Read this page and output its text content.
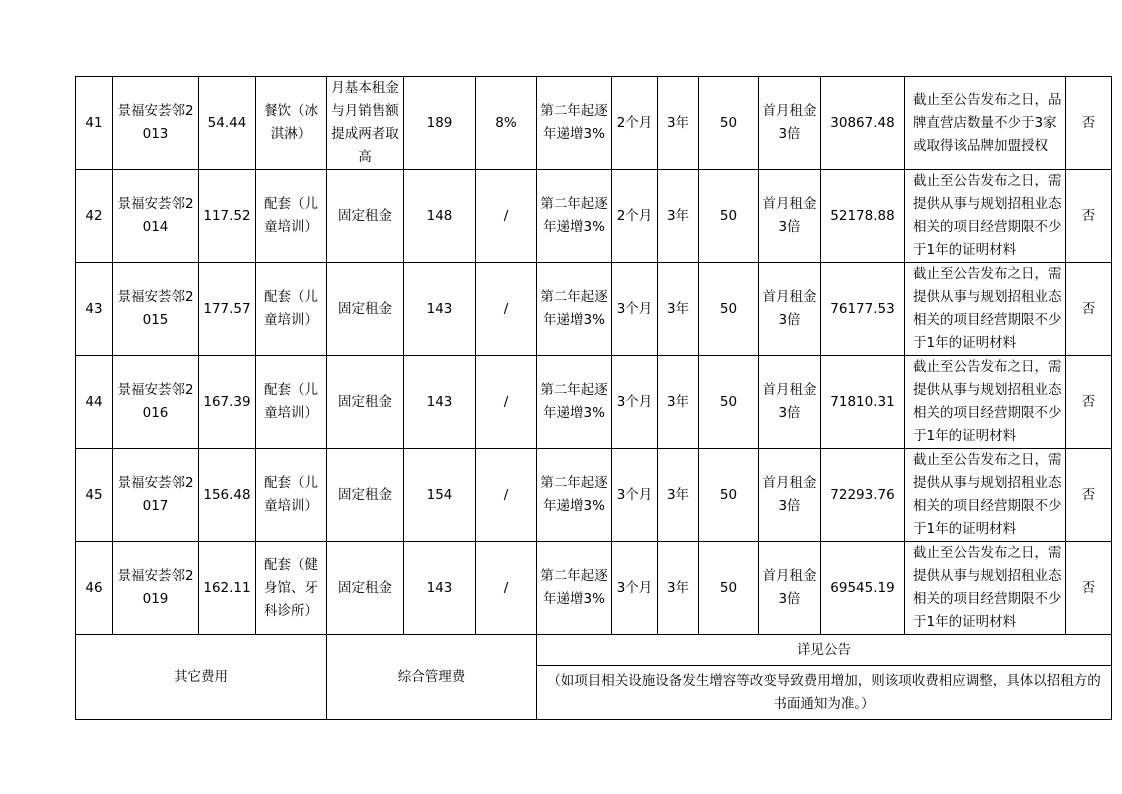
41	景福安荟邻2013	54.44	餐饮（冰淇淋）	月基本租金与月销售额提成两者取高	189	8%	第二年起逐年递增3%	2个月	3年	50	首月租金3倍	30867.48	截止至公告发布之日，品牌直营店数量不少于3家或取得该品牌加盟授权	否
42	景福安荟邻2014	117.52	配套（儿童培训）	固定租金	148	/	第二年起逐年递增3%	2个月	3年	50	首月租金3倍	52178.88	截止至公告发布之日，需提供从事与规划招租业态相关的项目经营期限不少于1年的证明材料	否
43	景福安荟邻2015	177.57	配套（儿童培训）	固定租金	143	/	第二年起逐年递增3%	3个月	3年	50	首月租金3倍	76177.53	截止至公告发布之日，需提供从事与规划招租业态相关的项目经营期限不少于1年的证明材料	否
44	景福安荟邻2016	167.39	配套（儿童培训）	固定租金	143	/	第二年起逐年递增3%	3个月	3年	50	首月租金3倍	71810.31	截止至公告发布之日，需提供从事与规划招租业态相关的项目经营期限不少于1年的证明材料	否
45	景福安荟邻2017	156.48	配套（儿童培训）	固定租金	154	/	第二年起逐年递增3%	3个月	3年	50	首月租金3倍	72293.76	截止至公告发布之日，需提供从事与规划招租业态相关的项目经营期限不少于1年的证明材料	否
46	景福安荟邻2019	162.11	配套（健身馆、牙科诊所）	固定租金	143	/	第二年起逐年递增3%	3个月	3年	50	首月租金3倍	69545.19	截止至公告发布之日，需提供从事与规划招租业态相关的项目经营期限不少于1年的证明材料	否
其它费用				综合管理费			详见公告							
							（如项目相关设施设备发生增容等改变导致费用增加，则该项收费相应调整，具体以招租方的书面通知为准。）							
